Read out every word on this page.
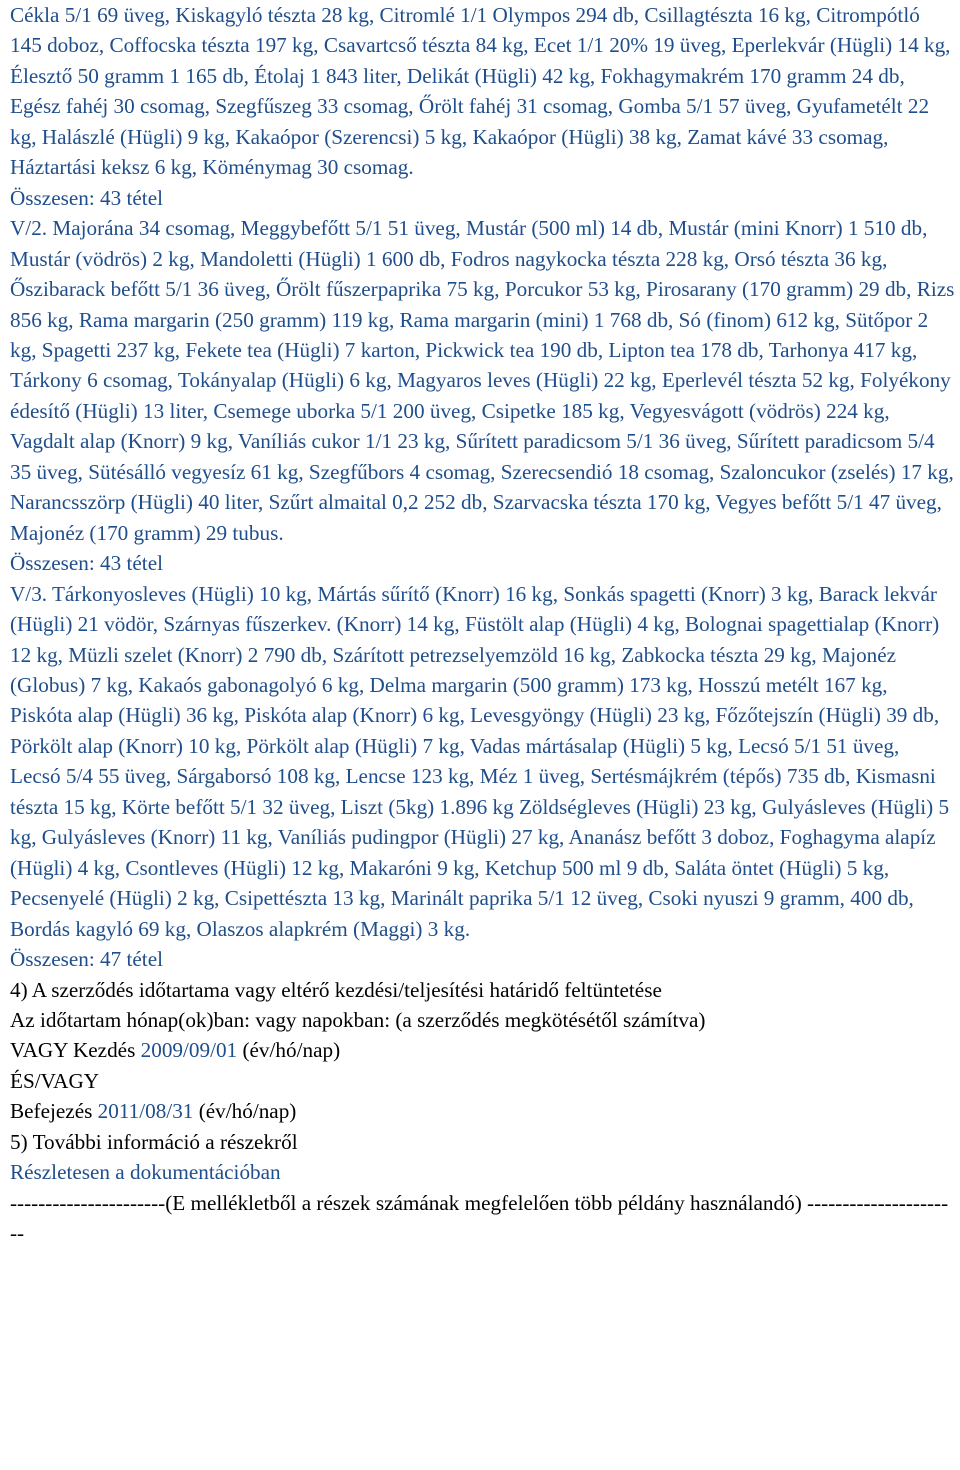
Cékla 5/1 69 üveg, Kiskagyló tészta 28 kg, Citromlé 1/1 Olympos 294 db, Csillagtészta 16 kg, Citrompótló 145 doboz, Coffocska tészta 197 kg, Csavartcső tészta 84 kg, Ecet 1/1 20% 19 üveg, Eperlekvár (Hügli) 14 kg, Élesztő 50 gramm 1 165 db, Étolaj 1 843 liter, Delikát (Hügli) 42 kg, Fokhagymakrém 170 gramm 24 db, Egész fahéj 30 csomag, Szegfűszeg 33 csomag, Őrölt fahéj 31 csomag, Gomba 5/1 57 üveg, Gyufametélt 22 kg, Halászlé (Hügli) 9 kg, Kakaópor (Szerencsi) 5 kg, Kakaópor (Hügli) 38 kg, Zamat kávé 33 csomag, Háztartási keksz 6 kg, Köménymag 30 csomag.

Összesen: 43 tétel

V/2. Majorána 34 csomag, Meggybefőtt 5/1 51 üveg, Mustár (500 ml) 14 db, Mustár (mini Knorr) 1 510 db, Mustár (vödrös) 2 kg, Mandoletti (Hügli) 1 600 db, Fodros nagykocka tészta 228 kg, Orsó tészta 36 kg, Őszibarack befőtt 5/1 36 üveg, Őrölt fűszerpaprika 75 kg, Porcukor 53 kg, Pirosarany (170 gramm) 29 db, Rizs 856 kg, Rama margarin (250 gramm) 119 kg, Rama margarin (mini) 1 768 db, Só (finom) 612 kg, Sütőpor 2 kg, Spagetti 237 kg, Fekete tea (Hügli) 7 karton, Pickwick tea 190 db, Lipton tea 178 db, Tarhonya 417 kg, Tárkony 6 csomag, Tokányalap (Hügli) 6 kg, Magyaros leves (Hügli) 22 kg, Eperlevél tészta 52 kg, Folyékony édesítő (Hügli) 13 liter, Csemege uborka 5/1 200 üveg, Csipetke 185 kg, Vegyesvágott (vödrös) 224 kg, Vagdalt alap (Knorr) 9 kg, Vaníliás cukor 1/1 23 kg, Sűrített paradicsom 5/1 36 üveg, Sűrített paradicsom 5/4 35 üveg, Sütésálló vegyesíz 61 kg, Szegfűbors 4 csomag, Szerecsendió 18 csomag, Szaloncukor (zselés) 17 kg, Narancsszörp (Hügli) 40 liter, Szűrt almaital 0,2 252 db, Szarvacska tészta 170 kg, Vegyes befőtt 5/1 47 üveg, Majonéz (170 gramm) 29 tubus.

Összesen: 43 tétel

V/3. Tárkonyosleves (Hügli) 10 kg, Mártás sűrítő (Knorr) 16 kg, Sonkás spagetti (Knorr) 3 kg, Barack lekvár (Hügli) 21 vödör, Szárnyas fűszerkev. (Knorr) 14 kg, Füstölt alap (Hügli) 4 kg, Bolognai spagettialap (Knorr) 12 kg, Müzli szelet (Knorr) 2 790 db, Szárított petrezselyemzöld 16 kg, Zabkocka tészta 29 kg, Majonéz (Globus) 7 kg, Kakaós gabonagolyó 6 kg, Delma margarin (500 gramm) 173 kg, Hosszú metélt 167 kg, Piskóta alap (Hügli) 36 kg, Piskóta alap (Knorr) 6 kg, Levesgyöngy (Hügli) 23 kg, Főzőtejszín (Hügli) 39 db, Pörkölt alap (Knorr) 10 kg, Pörkölt alap (Hügli) 7 kg, Vadas mártásalap (Hügli) 5 kg, Lecsó 5/1 51 üveg, Lecsó 5/4 55 üveg, Sárgaborsó 108 kg, Lencse 123 kg, Méz 1 üveg, Sertésmájkrém (tépős) 735 db, Kismasni tészta 15 kg, Körte befőtt 5/1 32 üveg, Liszt (5kg) 1.896 kg Zöldségleves (Hügli) 23 kg, Gulyásleves (Hügli) 5 kg, Gulyásleves (Knorr) 11 kg, Vaníliás pudingpor (Hügli) 27 kg, Ananász befőtt 3 doboz, Foghagyma alapíz (Hügli) 4 kg, Csontleves (Hügli) 12 kg, Makaróni 9 kg, Ketchup 500 ml 9 db, Saláta öntet (Hügli) 5 kg, Pecsenyelé (Hügli) 2 kg, Csipettészta 13 kg, Marinált paprika 5/1 12 üveg, Csoki nyuszi 9 gramm, 400 db, Bordás kagyló 69 kg, Olaszos alapkrém (Maggi) 3 kg.

Összesen: 47 tétel

4) A szerződés időtartama vagy eltérő kezdési/teljesítési határidő feltüntetése

Az időtartam hónap(ok)ban: vagy napokban: (a szerződés megkötésétől számítva)

VAGY Kezdés 2009/09/01 (év/hó/nap)

ÉS/VAGY

Befejezés 2011/08/31 (év/hó/nap)

5) További információ a részekről

Részletesen a dokumentációban

----------------------(E mellékletből a részek számának megfelelően több példány használandó) ----------------------
